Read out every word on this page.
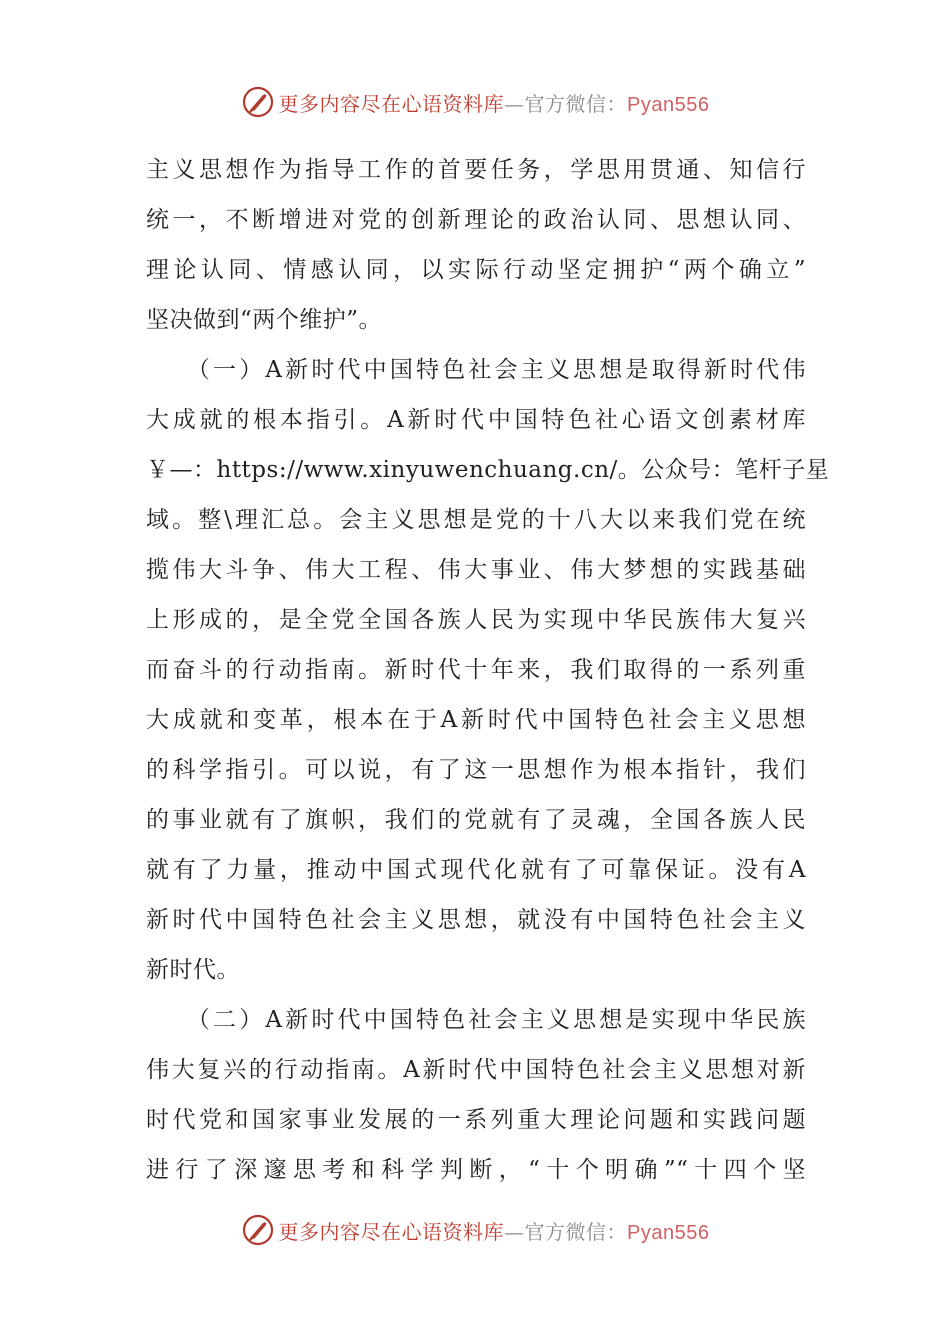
更多内容尽在心语资料库—官方微信：Pyan556
主义思想作为指导工作的首要任务，学思用贯通、知信行
统一，不断增进对党的创新理论的政治认同、思想认同、
理论认同、情感认同，以实际行动坚定拥护“两个确立”
坚决做到“两个维护”。
　　（一）A新时代中国特色社会主义思想是取得新时代伟
大成就的根本指引。A新时代中国特色社心语文创素材库
￥—：https://www.xinyuwenchuang.cn/。公众号：笔杆子星
域。整\理汇总。会主义思想是党的十八大以来我们党在统
揽伟大斗争、伟大工程、伟大事业、伟大梦想的实践基础
上形成的，是全党全国各族人民为实现中华民族伟大复兴
而奋斗的行动指南。新时代十年来，我们取得的一系列重
大成就和变革，根本在于A新时代中国特色社会主义思想
的科学指引。可以说，有了这一思想作为根本指针，我们
的事业就有了旗帜，我们的党就有了灵魂，全国各族人民
就有了力量，推动中国式现代化就有了可靠保证。没有A
新时代中国特色社会主义思想，就没有中国特色社会主义
新时代。
　　（二）A新时代中国特色社会主义思想是实现中华民族
伟大复兴的行动指南。A新时代中国特色社会主义思想对新
时代党和国家事业发展的一系列重大理论问题和实践问题
进行了深邃思考和科学判断，“十个明确”“十四个坚
更多内容尽在心语资料库—官方微信：Pyan556
